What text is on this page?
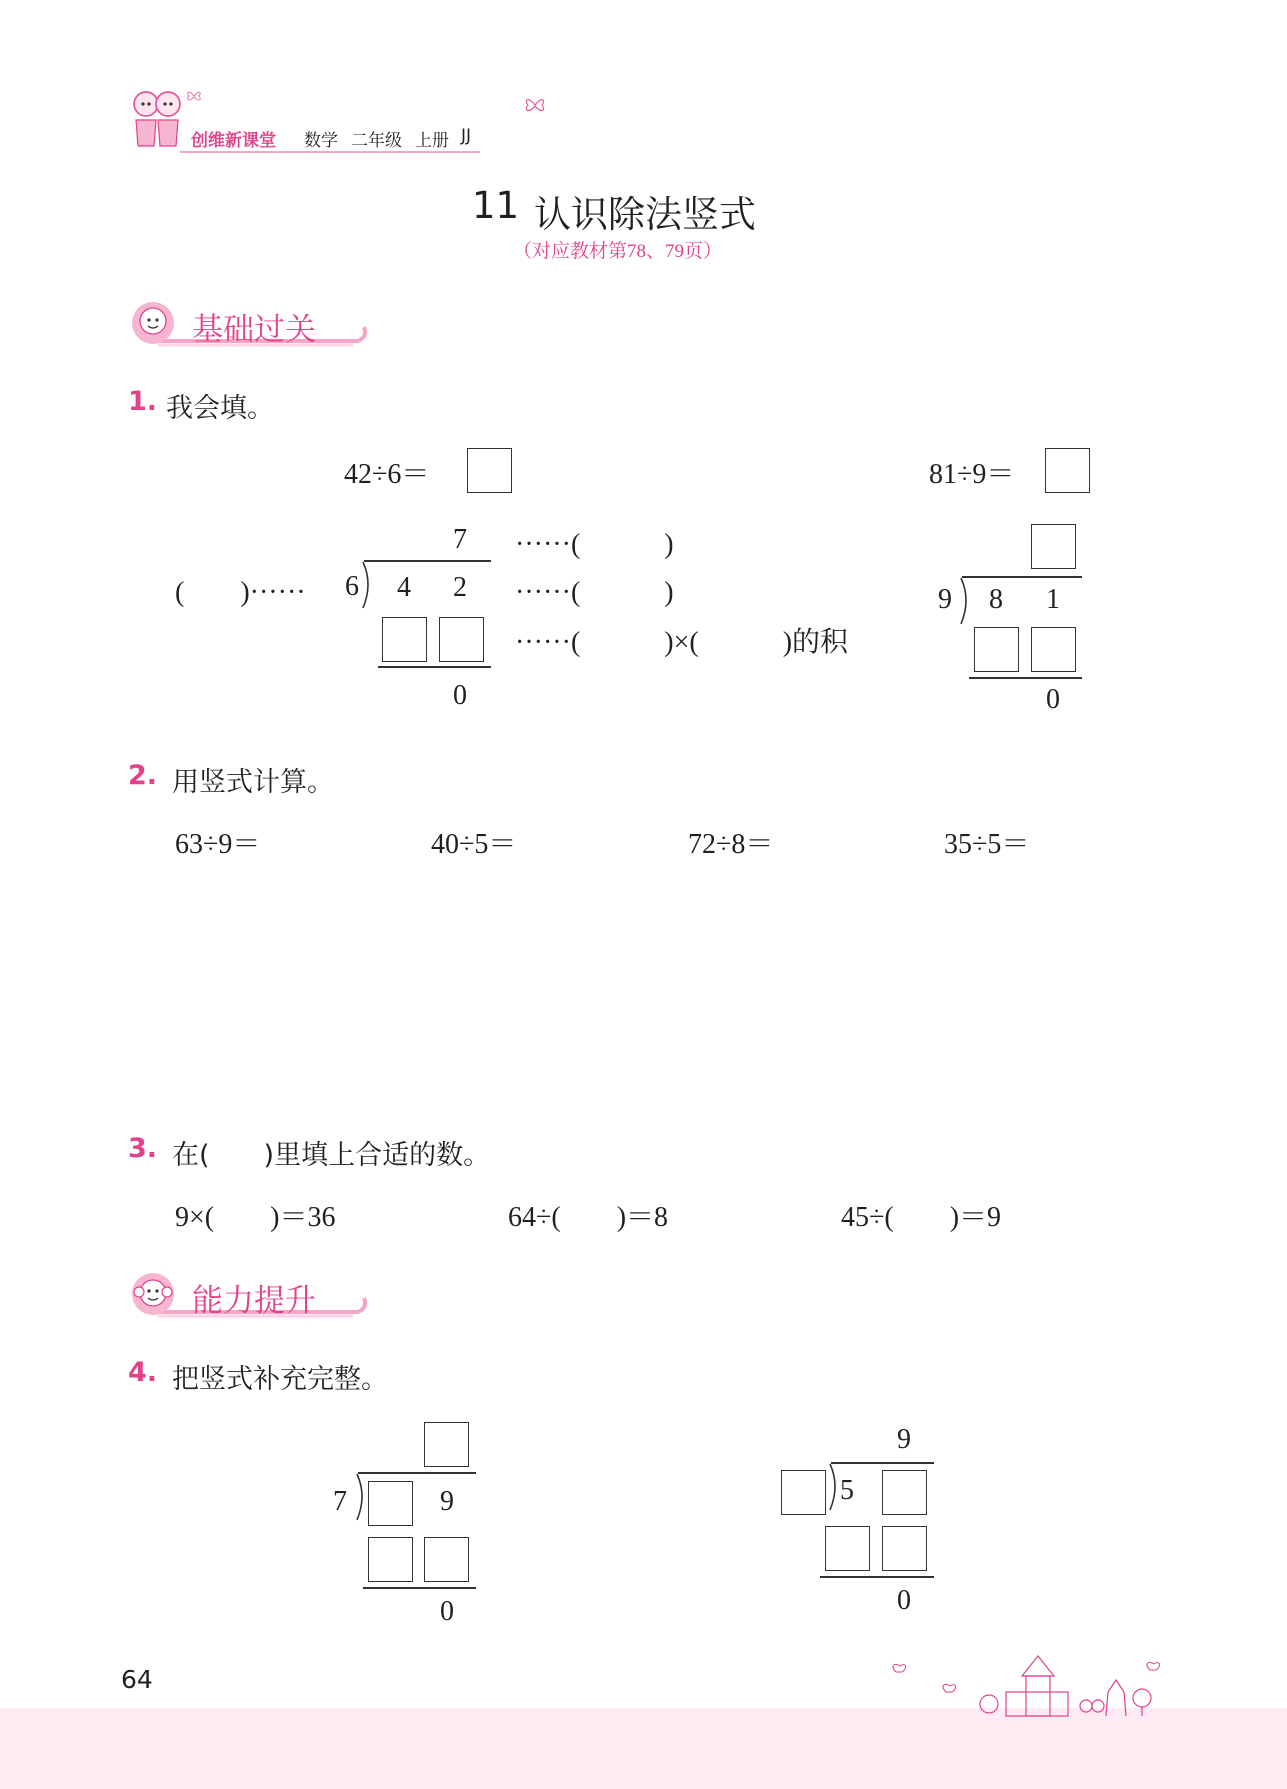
创维新课堂 数学 二年级 上册 JJ
11 认识除法竖式
（对应教材第78、79页）
基础过关
1. 我会填。
42÷6＝	81÷9＝
(　　)······
7
6 4 2
0
······(　　　)
······(　　　)
······(　　　)×(　　　)的积
9 8 1
0
2. 用竖式计算。
63÷9＝	40÷5＝	72÷8＝	35÷5＝
3. 在(　　)里填上合适的数。
9×(　　)＝36	64÷(　　)＝8	45÷(　　)＝9
能力提升
4. 把竖式补充完整。
7	9
0
9
5
0
64
